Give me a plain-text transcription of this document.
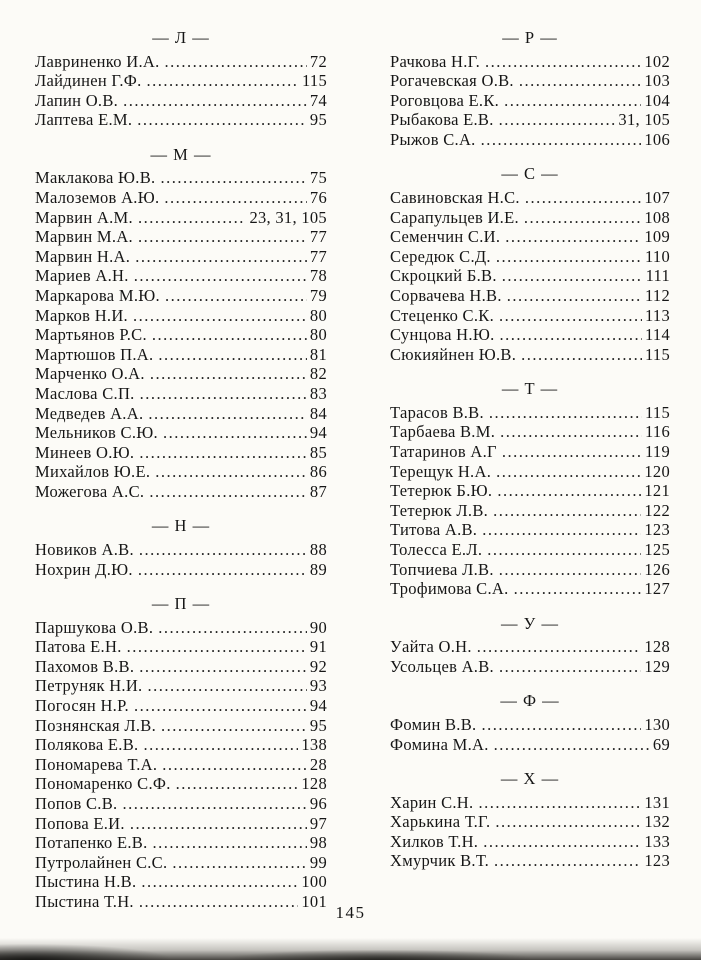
— Л —
Лавриненко И.А. .....	72
Лайдинен Г.Ф. .....	115
Лапин О.В. .....	74
Лаптева Е.М. .....	95
— М —
Маклакова Ю.В. .....	75
Малоземов А.Ю. .....	76
Марвин А.М. .....	23, 31, 105
Марвин М.А. .....	77
Марвин Н.А. .....	77
Мариев А.Н. .....	78
Маркарова М.Ю. .....	79
Марков Н.И. .....	80
Мартьянов Р.С. .....	80
Мартюшов П.А. .....	81
Марченко О.А. .....	82
Маслова С.П. .....	83
Медведев А.А. .....	84
Мельников С.Ю. .....	94
Минеев О.Ю. .....	85
Михайлов Ю.Е. .....	86
Можегова А.С. .....	87
— Н —
Новиков А.В. .....	88
Нохрин Д.Ю. .....	89
— П —
Паршукова О.В. .....	90
Патова Е.Н. .....	91
Пахомов В.В. .....	92
Петруняк Н.И. .....	93
Погосян Н.Р. .....	94
Познянская Л.В. .....	95
Полякова Е.В. .....	138
Пономарева Т.А. .....	28
Пономаренко С.Ф. .....	128
Попов С.В. .....	96
Попова Е.И. .....	97
Потапенко Е.В. .....	98
Путролайнен С.С. .....	99
Пыстина Н.В. .....	100
Пыстина Т.Н. .....	101
— Р —
Рачкова Н.Г. .....	102
Рогачевская О.В. .....	103
Роговцова Е.К. .....	104
Рыбакова Е.В. .....	31, 105
Рыжов С.А. .....	106
— С —
Савиновская Н.С. .....	107
Сарапульцев И.Е. .....	108
Семенчин С.И. .....	109
Середюк С.Д. .....	110
Скроцкий Б.В. .....	111
Сорвачева Н.В. .....	112
Стеценко С.К. .....	113
Сунцова Н.Ю. .....	114
Сюкияйнен Ю.В. .....	115
— Т —
Тарасов В.В. .....	115
Тарбаева В.М. .....	116
Татаринов А.Г .....	119
Терещук Н.А. .....	120
Тетерюк Б.Ю. .....	121
Тетерюк Л.В. .....	122
Титова А.В. .....	123
Толесса Е.Л. .....	125
Топчиева Л.В. .....	126
Трофимова С.А. .....	127
— У —
Уайта О.Н. .....	128
Усольцев А.В. .....	129
— Ф —
Фомин В.В. .....	130
Фомина М.А. .....	69
— Х —
Харин С.Н. .....	131
Харькина Т.Г. .....	132
Хилков Т.Н. .....	133
Хмурчик В.Т. .....	123
145
